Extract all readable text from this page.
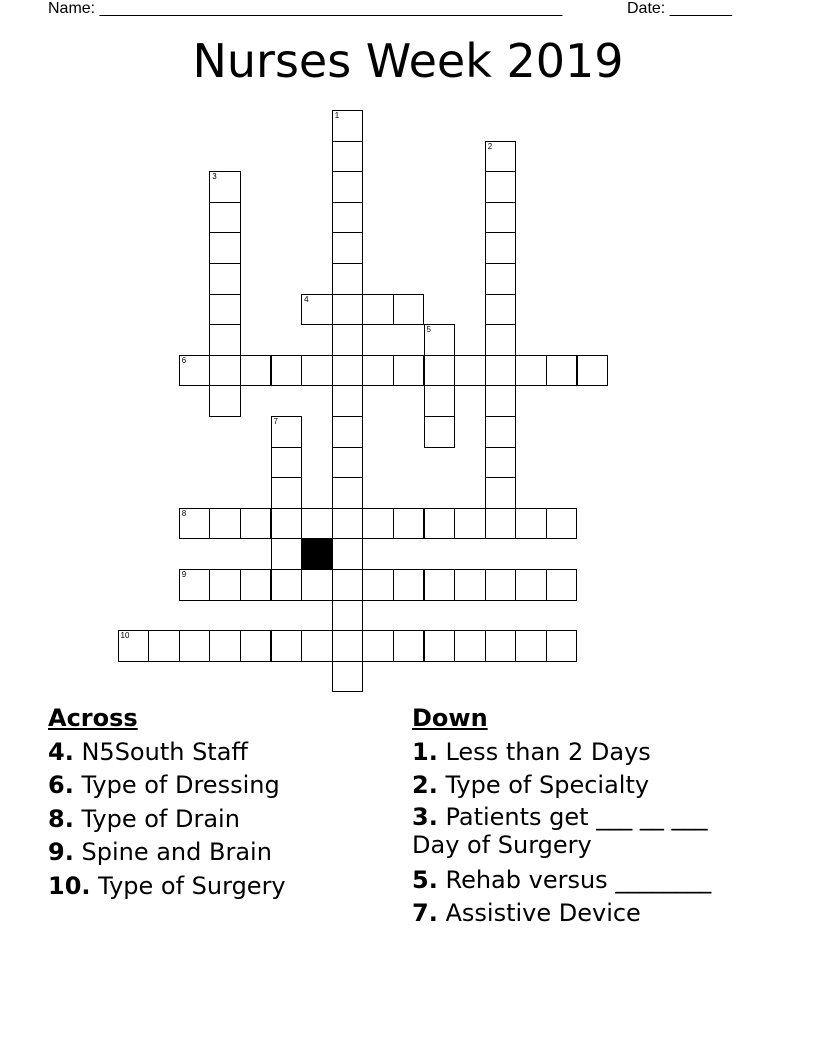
Name: ____________________________________________________	Date: _______
Nurses Week 2019
1
2
3
4
5
6
7
8
9
10
Across
4. N5South Staff
6. Type of Dressing
8. Type of Drain
9. Spine and Brain
10. Type of Surgery
Down
1. Less than 2 Days
2. Type of Specialty
3. Patients get ___ __ ___ Day of Surgery
5. Rehab versus ________
7. Assistive Device
